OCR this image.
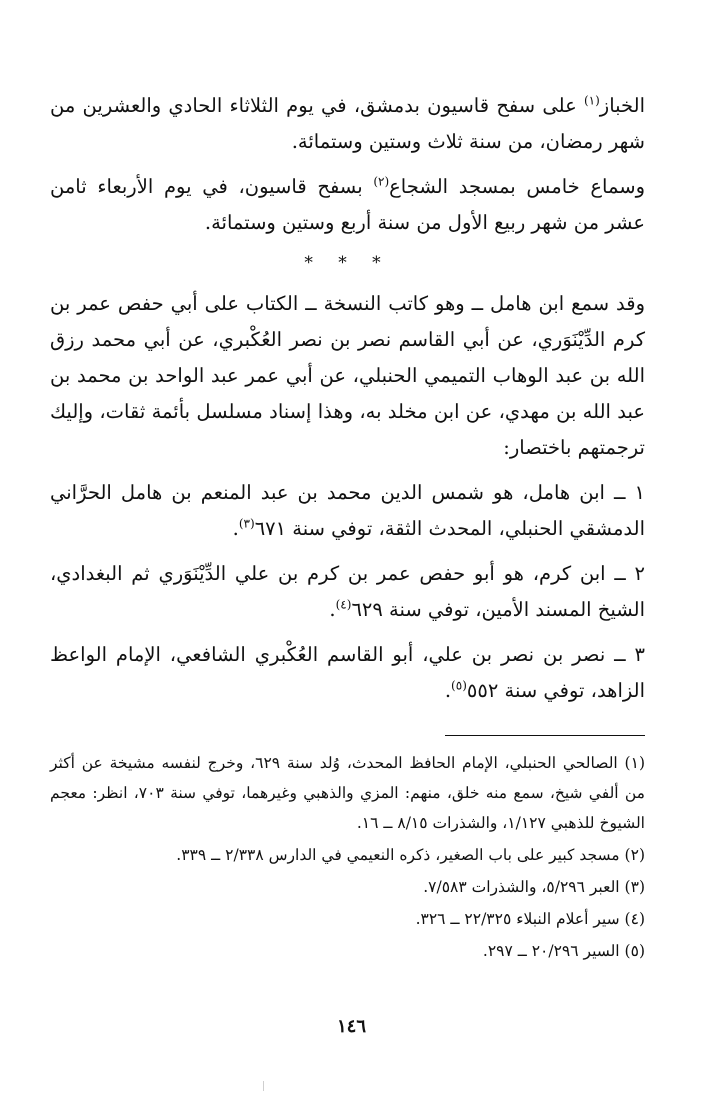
الخباز$^{(١)}$ على سفح قاسيون بدمشق، في يوم الثلاثاء الحادي والعشرين من شهر رمضان، من سنة ثلاث وستين وستمائة.

وسماع خامس بمسجد الشجاع$^{(٢)}$ بسفح قاسيون، في يوم الأربعاء ثامن عشر من شهر ربيع الأول من سنة أربع وستين وستمائة.

* * *

وقد سمع ابن هامل ــ وهو كاتب النسخة ــ الكتاب على أبي حفص عمر بن كرم الدِّيْنَوَري، عن أبي القاسم نصر بن نصر العُكْبري، عن أبي محمد رزق الله بن عبد الوهاب التميمي الحنبلي، عن أبي عمر عبد الواحد بن محمد بن عبد الله بن مهدي، عن ابن مخلد به، وهذا إسناد مسلسل بأئمة ثقات، وإليك ترجمتهم باختصار:

١ ــ ابن هامل، هو شمس الدين محمد بن عبد المنعم بن هامل الحرَّاني الدمشقي الحنبلي، المحدث الثقة، توفي سنة ٦٧١$^{(٣)}$.

٢ ــ ابن كرم، هو أبو حفص عمر بن كرم بن علي الدِّيْنَوَري ثم البغدادي، الشيخ المسند الأمين، توفي سنة ٦٢٩$^{(٤)}$.

٣ ــ نصر بن نصر بن علي، أبو القاسم العُكْبري الشافعي، الإمام الواعظ الزاهد، توفي سنة ٥٥٢$^{(٥)}$.

(١) الصالحي الحنبلي، الإمام الحافظ المحدث، وُلد سنة ٦٢٩، وخرج لنفسه مشيخة عن أكثر من ألفي شيخ، سمع منه خلق، منهم: المزي والذهبي وغيرهما، توفي سنة ٧٠٣، انظر: معجم الشيوخ للذهبي ١/١٢٧، والشذرات ٨/١٥ ــ ١٦.

(٢) مسجد كبير على باب الصغير، ذكره النعيمي في الدارس ٢/٣٣٨ ــ ٣٣٩.

(٣) العبر ٥/٢٩٦، والشذرات ٧/٥٨٣.

(٤) سير أعلام النبلاء ٢٢/٣٢٥ ــ ٣٢٦.

(٥) السير ٢٠/٢٩٦ ــ ٢٩٧.

١٤٦
